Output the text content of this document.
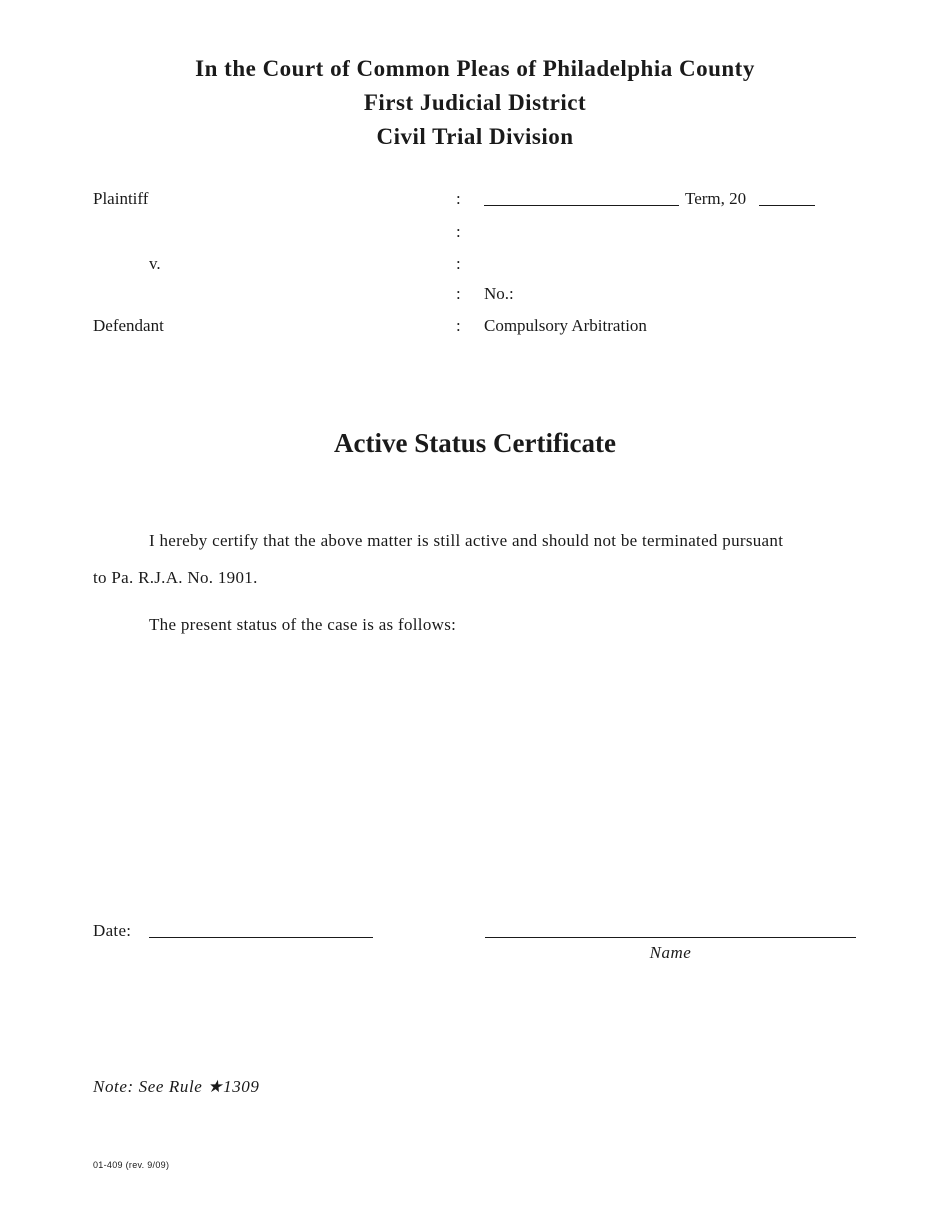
In the Court of Common Pleas of Philadelphia County
First Judicial District
Civil Trial Division
Plaintiff
v.
Defendant
:
:
:
:
:
Term, 20
No.:
Compulsory Arbitration
Active Status Certificate
I hereby certify that the above matter is still active and should not be terminated pursuant
to Pa. R.J.A. No. 1901.
The present status of the case is as follows:
Date:
Name
Note: See Rule ★1309
01-409 (rev. 9/09)
